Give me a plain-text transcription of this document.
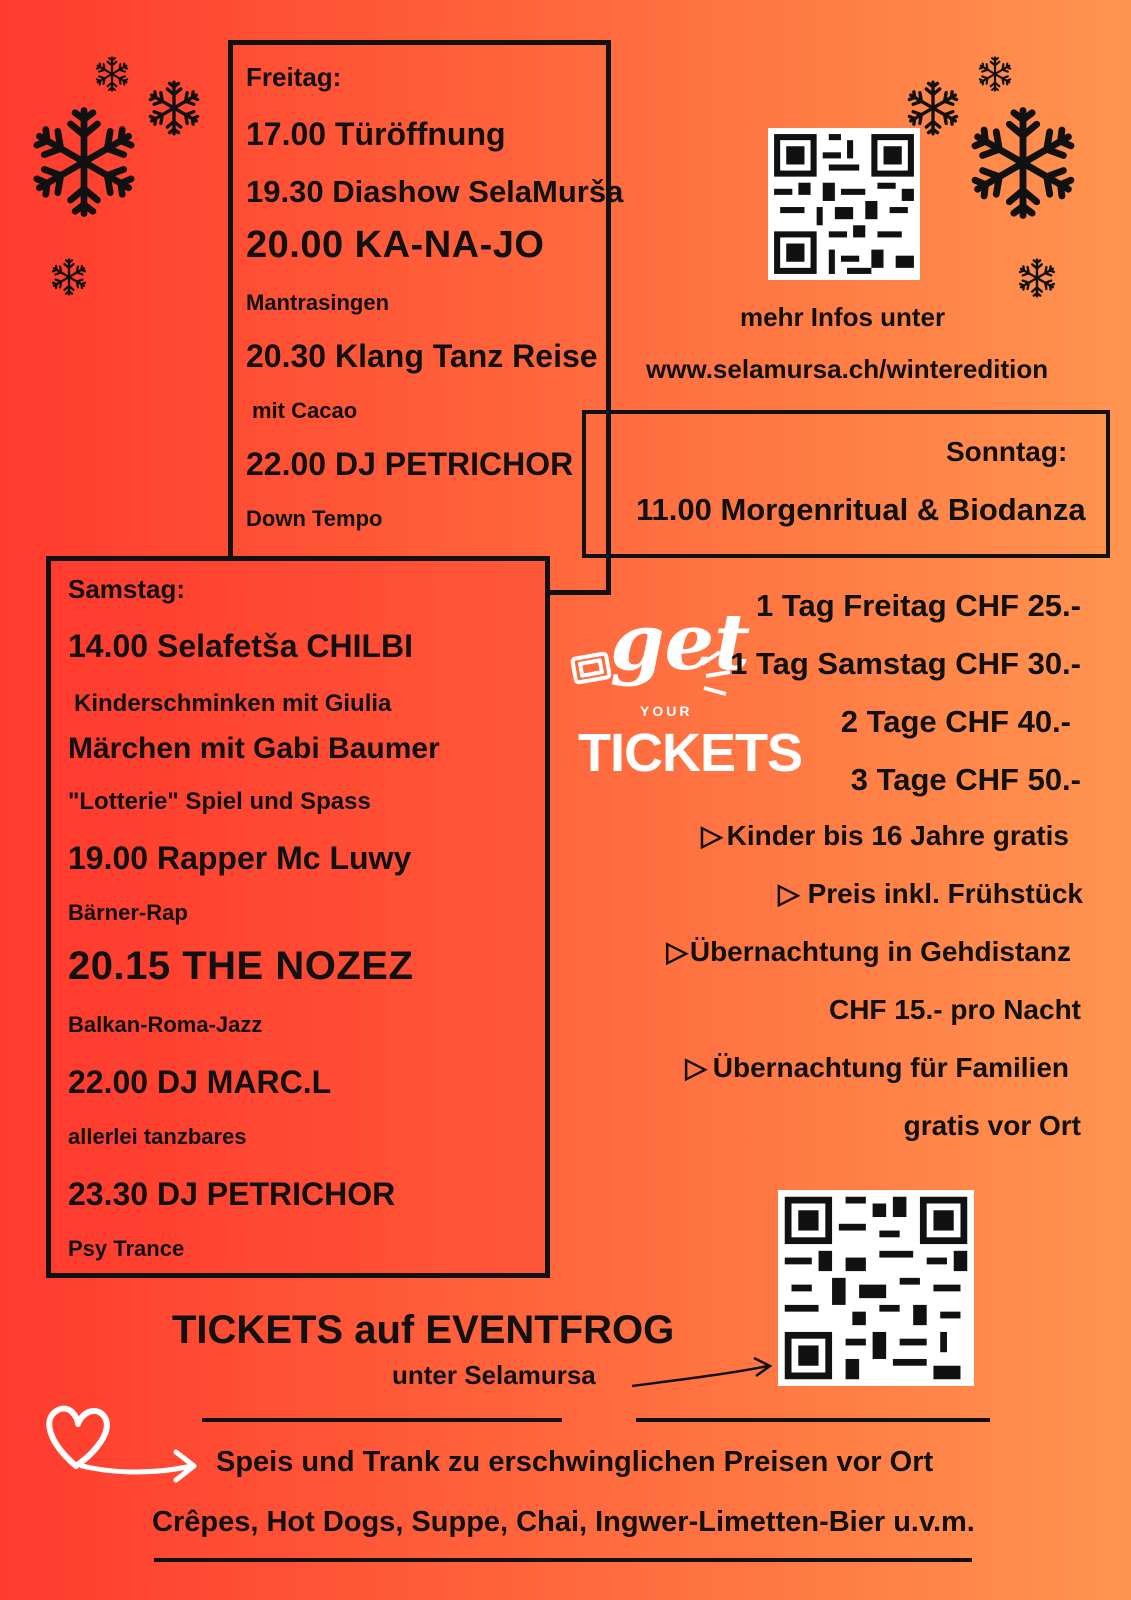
Freitag:
17.00 Türöffnung
19.30 Diashow SelaMurša
20.00 KA-NA-JO
Mantrasingen
20.30 Klang Tanz Reise
mit Cacao
22.00 DJ PETRICHOR
Down Tempo
Samstag:
14.00 Selafetša CHILBI
Kinderschminken mit Giulia
Märchen mit Gabi Baumer
"Lotterie" Spiel und Spass
19.00 Rapper Mc Luwy
Bärner-Rap
20.15 THE NOZEZ
Balkan-Roma-Jazz
22.00 DJ MARC.L
allerlei tanzbares
23.30 DJ PETRICHOR
Psy Trance
mehr Infos unter
www.selamursa.ch/winteredition
Sonntag:
11.00 Morgenritual & Biodanza
get
YOUR
TICKETS
1 Tag Freitag CHF 25.-
1 Tag Samstag CHF 30.-
2 Tage CHF 40.-
3 Tage CHF 50.-
▷ Kinder bis 16 Jahre gratis
▷ Preis inkl. Frühstück
▷Übernachtung in Gehdistanz
CHF 15.- pro Nacht
▷ Übernachtung für Familien
gratis vor Ort
TICKETS auf EVENTFROG
unter Selamursa
Speis und Trank zu erschwinglichen Preisen vor Ort
Crêpes, Hot Dogs, Suppe, Chai, Ingwer-Limetten-Bier u.v.m.
